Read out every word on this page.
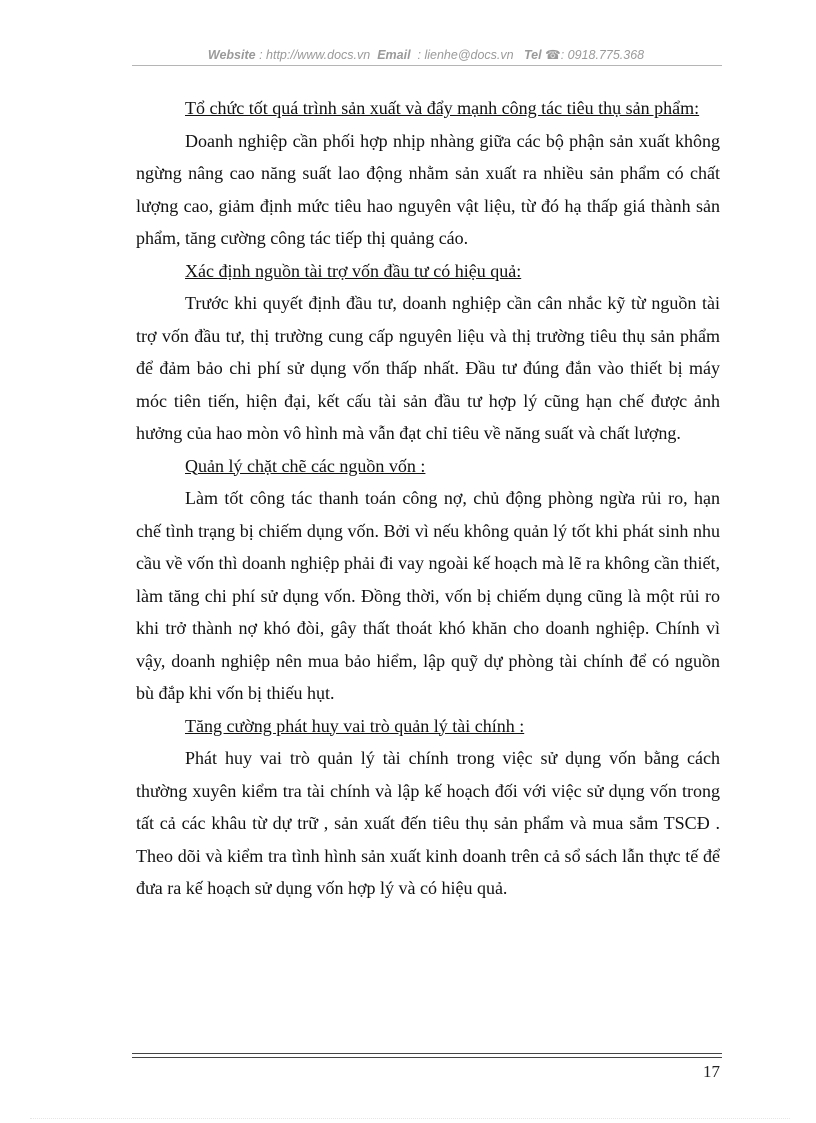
Website : http://www.docs.vn Email : lienhe@docs.vn Tel ☎: 0918.775.368

Tổ chức tốt quá trình sản xuất và đẩy mạnh công tác tiêu thụ sản phẩm:

Doanh nghiệp cần phối hợp nhịp nhàng giữa các bộ phận sản xuất không ngừng nâng cao năng suất lao động nhằm sản xuất ra nhiều sản phẩm có chất lượng cao, giảm định mức tiêu hao nguyên vật liệu, từ đó hạ thấp giá thành sản phẩm, tăng cường công tác tiếp thị quảng cáo.

Xác định nguồn tài trợ vốn đầu tư có hiệu quả:

Trước khi quyết định đầu tư, doanh nghiệp cần cân nhắc kỹ từ nguồn tài trợ vốn đầu tư, thị trường cung cấp nguyên liệu và thị trường tiêu thụ sản phẩm để đảm bảo chi phí sử dụng vốn thấp nhất. Đầu tư đúng đắn vào thiết bị máy móc tiên tiến, hiện đại, kết cấu tài sản đầu tư hợp lý cũng hạn chế được ảnh hưởng của hao mòn vô hình mà vẫn đạt chỉ tiêu về năng suất và chất lượng.

Quản lý chặt chẽ các nguồn vốn :

Làm tốt công tác thanh toán công nợ, chủ động phòng ngừa rủi ro, hạn chế tình trạng bị chiếm dụng vốn. Bởi vì nếu không quản lý tốt khi phát sinh nhu cầu về vốn thì doanh nghiệp phải đi vay ngoài kế hoạch mà lẽ ra không cần thiết, làm tăng chi phí sử dụng vốn. Đồng thời, vốn bị chiếm dụng cũng là một rủi ro khi trở thành nợ khó đòi, gây thất thoát khó khăn cho doanh nghiệp. Chính vì vậy, doanh nghiệp nên mua bảo hiểm, lập quỹ dự phòng tài chính để có nguồn bù đắp khi vốn bị thiếu hụt.

Tăng cường phát huy vai trò quản lý tài chính :

Phát huy vai trò quản lý tài chính trong việc sử dụng vốn bằng cách thường xuyên kiểm tra tài chính và lập kế hoạch đối với việc sử dụng vốn trong tất cả các khâu từ dự trữ , sản xuất đến tiêu thụ sản phẩm và mua sắm TSCĐ . Theo dõi và kiểm tra tình hình sản xuất kinh doanh trên cả sổ sách lẫn thực tế để đưa ra kế hoạch sử dụng vốn hợp lý và có hiệu quả.

17
